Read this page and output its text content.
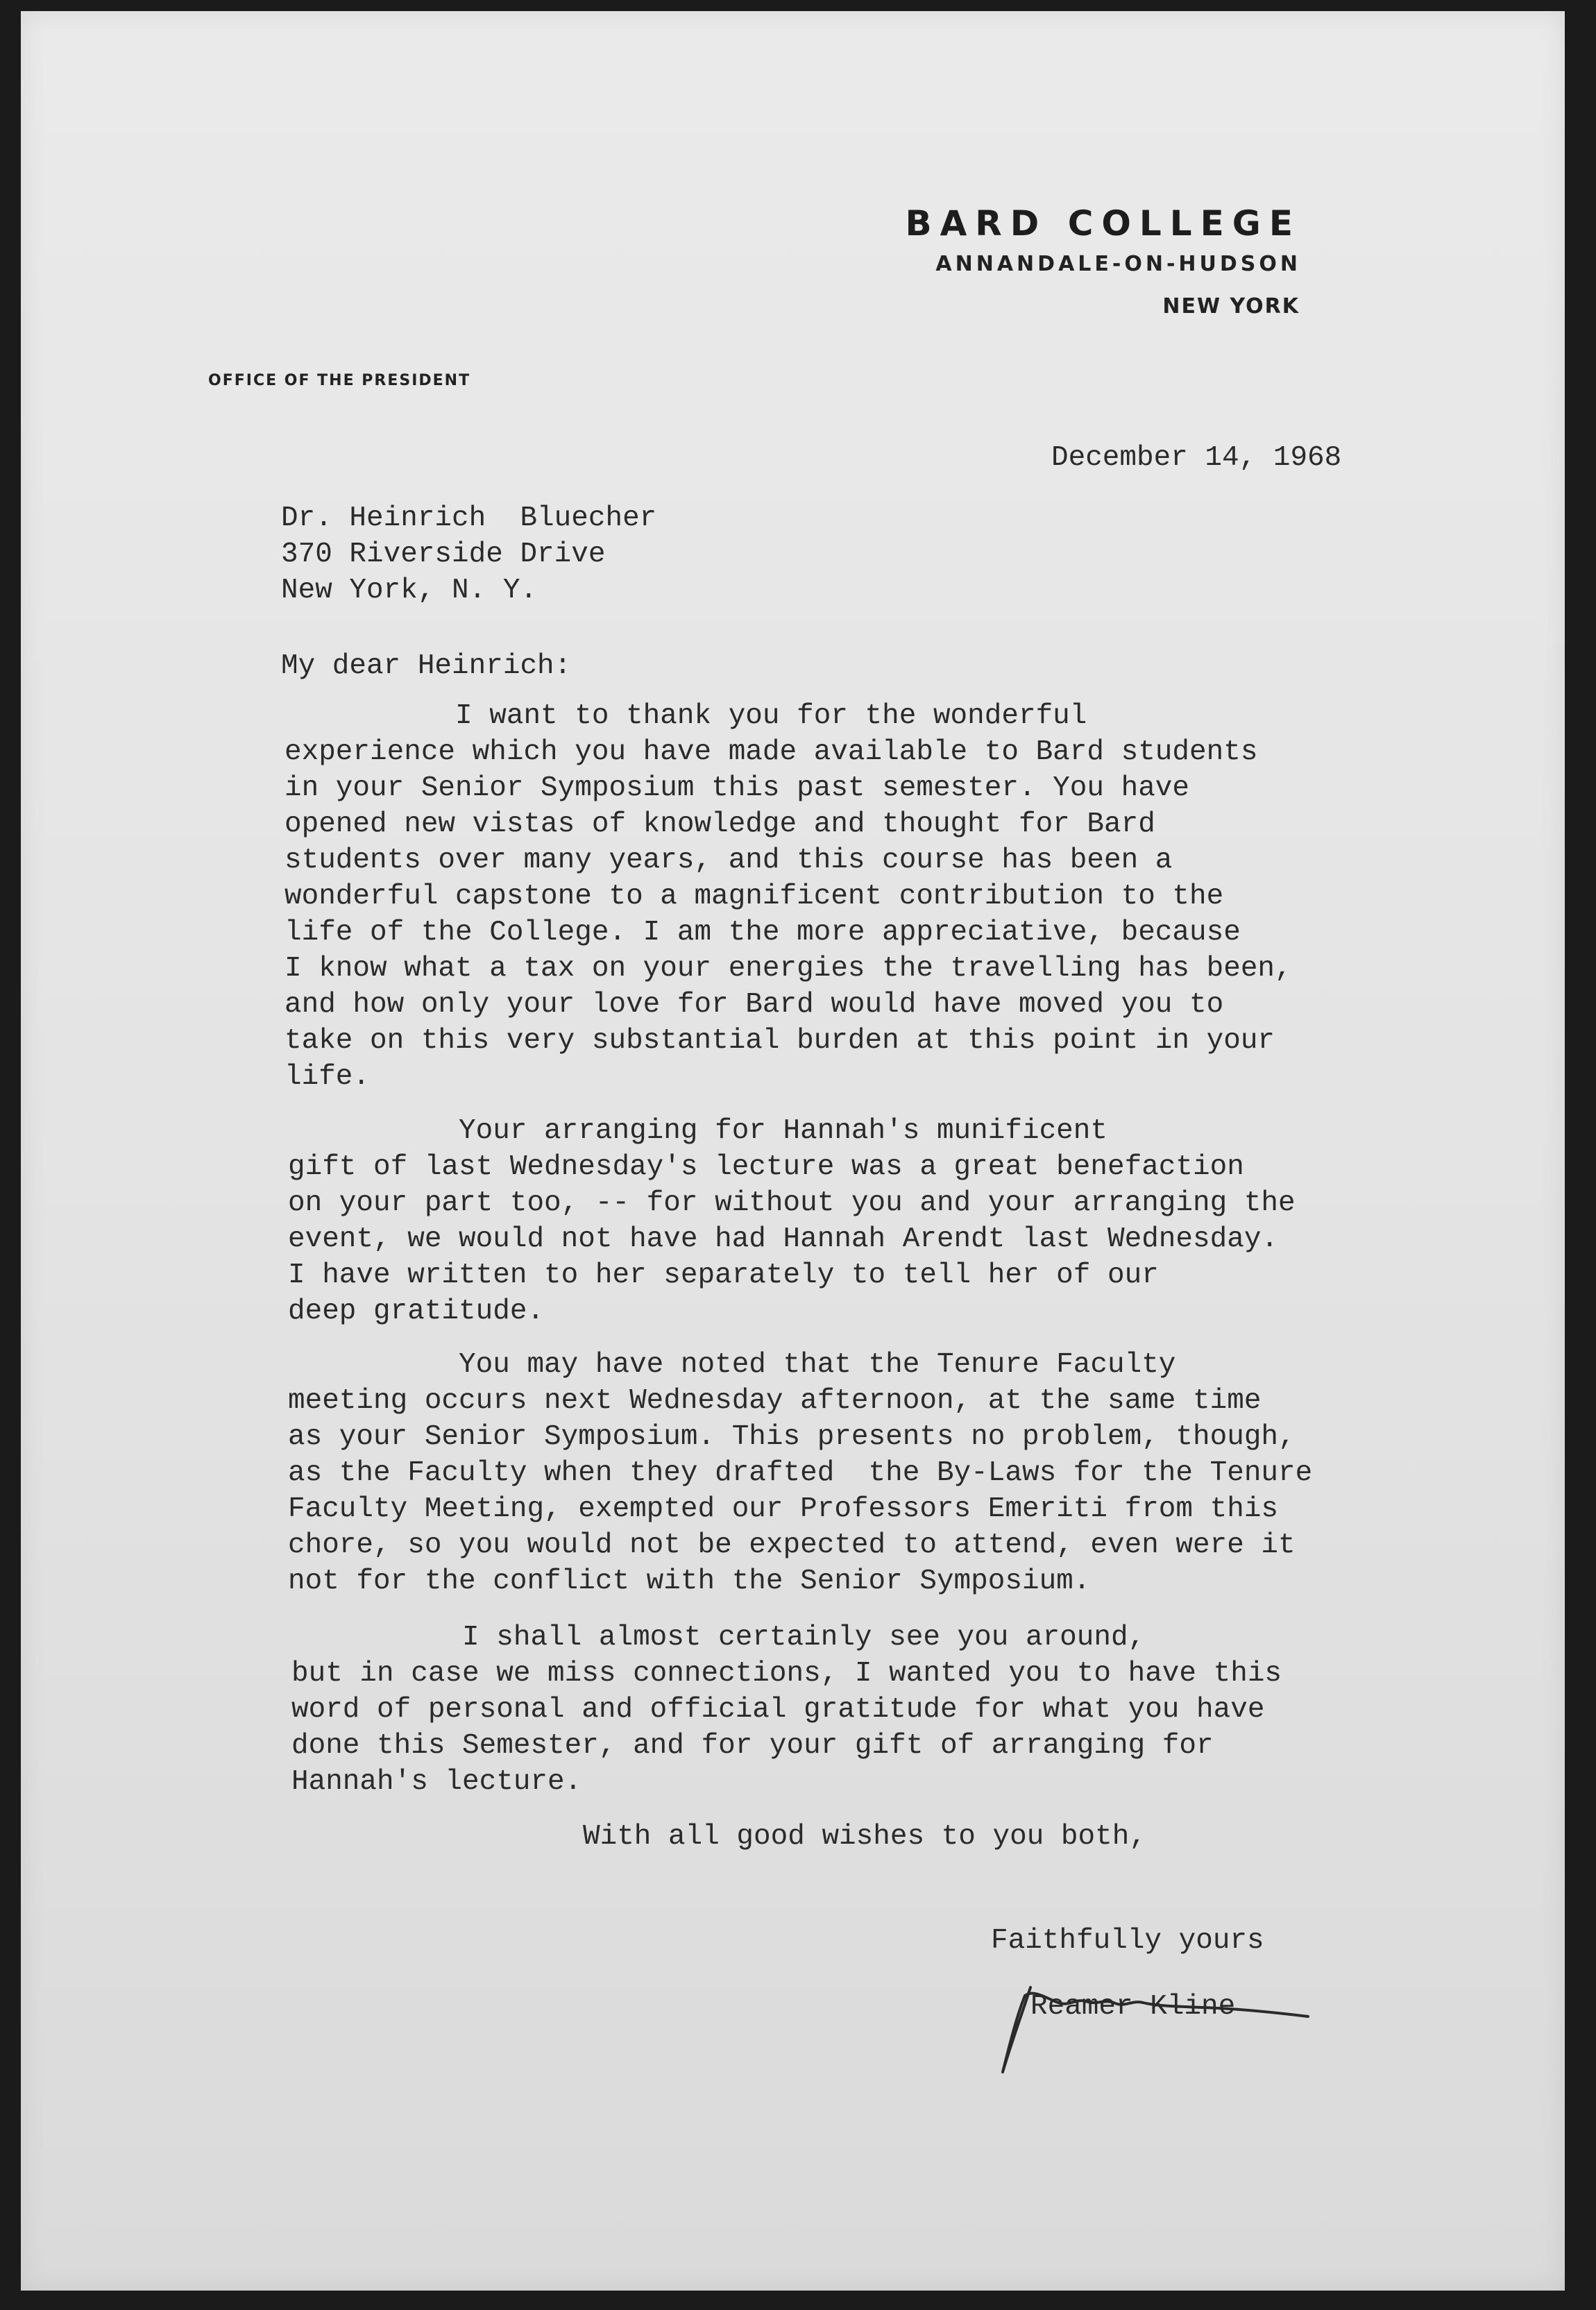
BARD COLLEGE
ANNANDALE-ON-HUDSON
NEW YORK
OFFICE OF THE PRESIDENT
December 14, 1968
Dr. Heinrich  Bluecher
370 Riverside Drive
New York, N. Y.
My dear Heinrich:
I want to thank you for the wonderful
experience which you have made available to Bard students
in your Senior Symposium this past semester. You have
opened new vistas of knowledge and thought for Bard
students over many years, and this course has been a
wonderful capstone to a magnificent contribution to the
life of the College. I am the more appreciative, because
I know what a tax on your energies the travelling has been,
and how only your love for Bard would have moved you to
take on this very substantial burden at this point in your
life.
Your arranging for Hannah's munificent
gift of last Wednesday's lecture was a great benefaction
on your part too, -- for without you and your arranging the
event, we would not have had Hannah Arendt last Wednesday.
I have written to her separately to tell her of our
deep gratitude.
You may have noted that the Tenure Faculty
meeting occurs next Wednesday afternoon, at the same time
as your Senior Symposium. This presents no problem, though,
as the Faculty when they drafted  the By-Laws for the Tenure
Faculty Meeting, exempted our Professors Emeriti from this
chore, so you would not be expected to attend, even were it
not for the conflict with the Senior Symposium.
I shall almost certainly see you around,
but in case we miss connections, I wanted you to have this
word of personal and official gratitude for what you have
done this Semester, and for your gift of arranging for
Hannah's lecture.
With all good wishes to you both,
Faithfully yours
Reamer Kline
